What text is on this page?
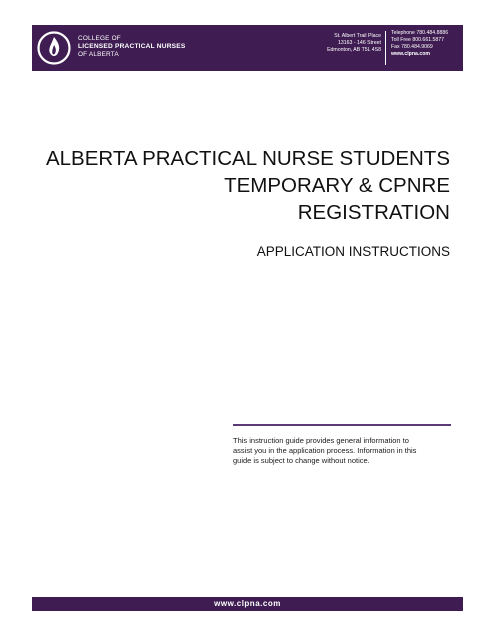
COLLEGE OF
LICENSED PRACTICAL NURSES
OF ALBERTA
St. Albert Trail Place
13163 - 146 Street
Edmonton, AB T5L 4S8
Telephone 780.484.8886
Toll Free 800.661.5877
Fax 780.484.9069
www.clpna.com
ALBERTA PRACTICAL NURSE STUDENTS
TEMPORARY & CPNRE
REGISTRATION
APPLICATION INSTRUCTIONS
This instruction guide provides general information to
assist you in the application process. Information in this
guide is subject to change without notice.
www.clpna.com
